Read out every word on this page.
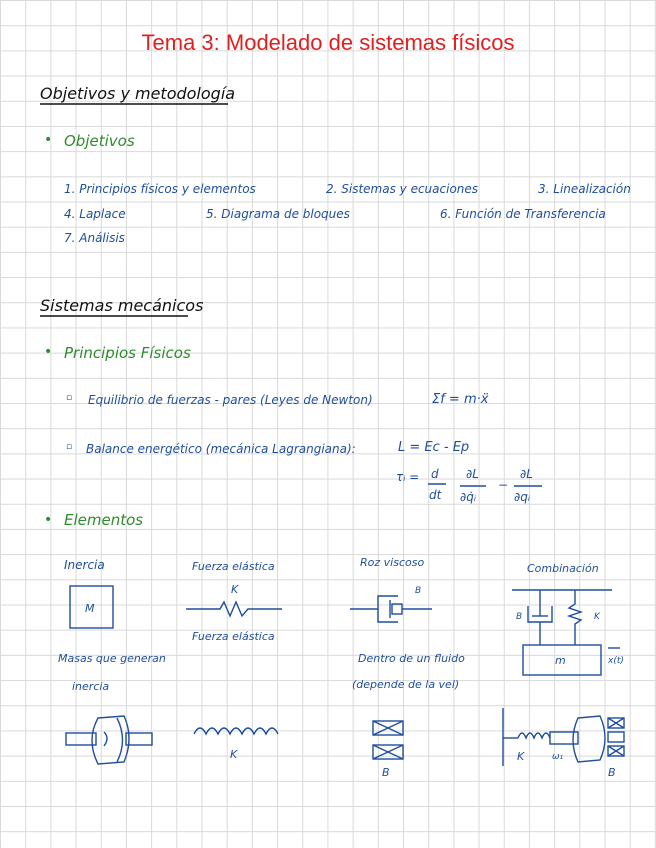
Tema 3: Modelado de sistemas físicos
Objetivos y metodología
• Objetivos
1. Principios físicos y elementos	2. Sistemas y ecuaciones	3. Linealización
4. Laplace	5. Diagrama de bloques	6. Función de Transferencia
7. Análisis
Sistemas mecánicos
• Principios Físicos
▫ Equilibrio de fuerzas - pares (Leyes de Newton)	Σf = m·ẍ
▫ Balance energético (mecánica Lagrangiana):	L = Ec - Ep
τᵢ = d
dt
∂L
∂q̇ᵢ
−
∂L
∂qᵢ
• Elementos
Inercia
M
Fuerza elástica
K
Fuerza elástica
Roz viscoso
B
Combinación
B	K
m	x(t)
Masas que generan
inercia
K
Dentro de un fluido
(depende de la vel)
B
K	ω₁
B
